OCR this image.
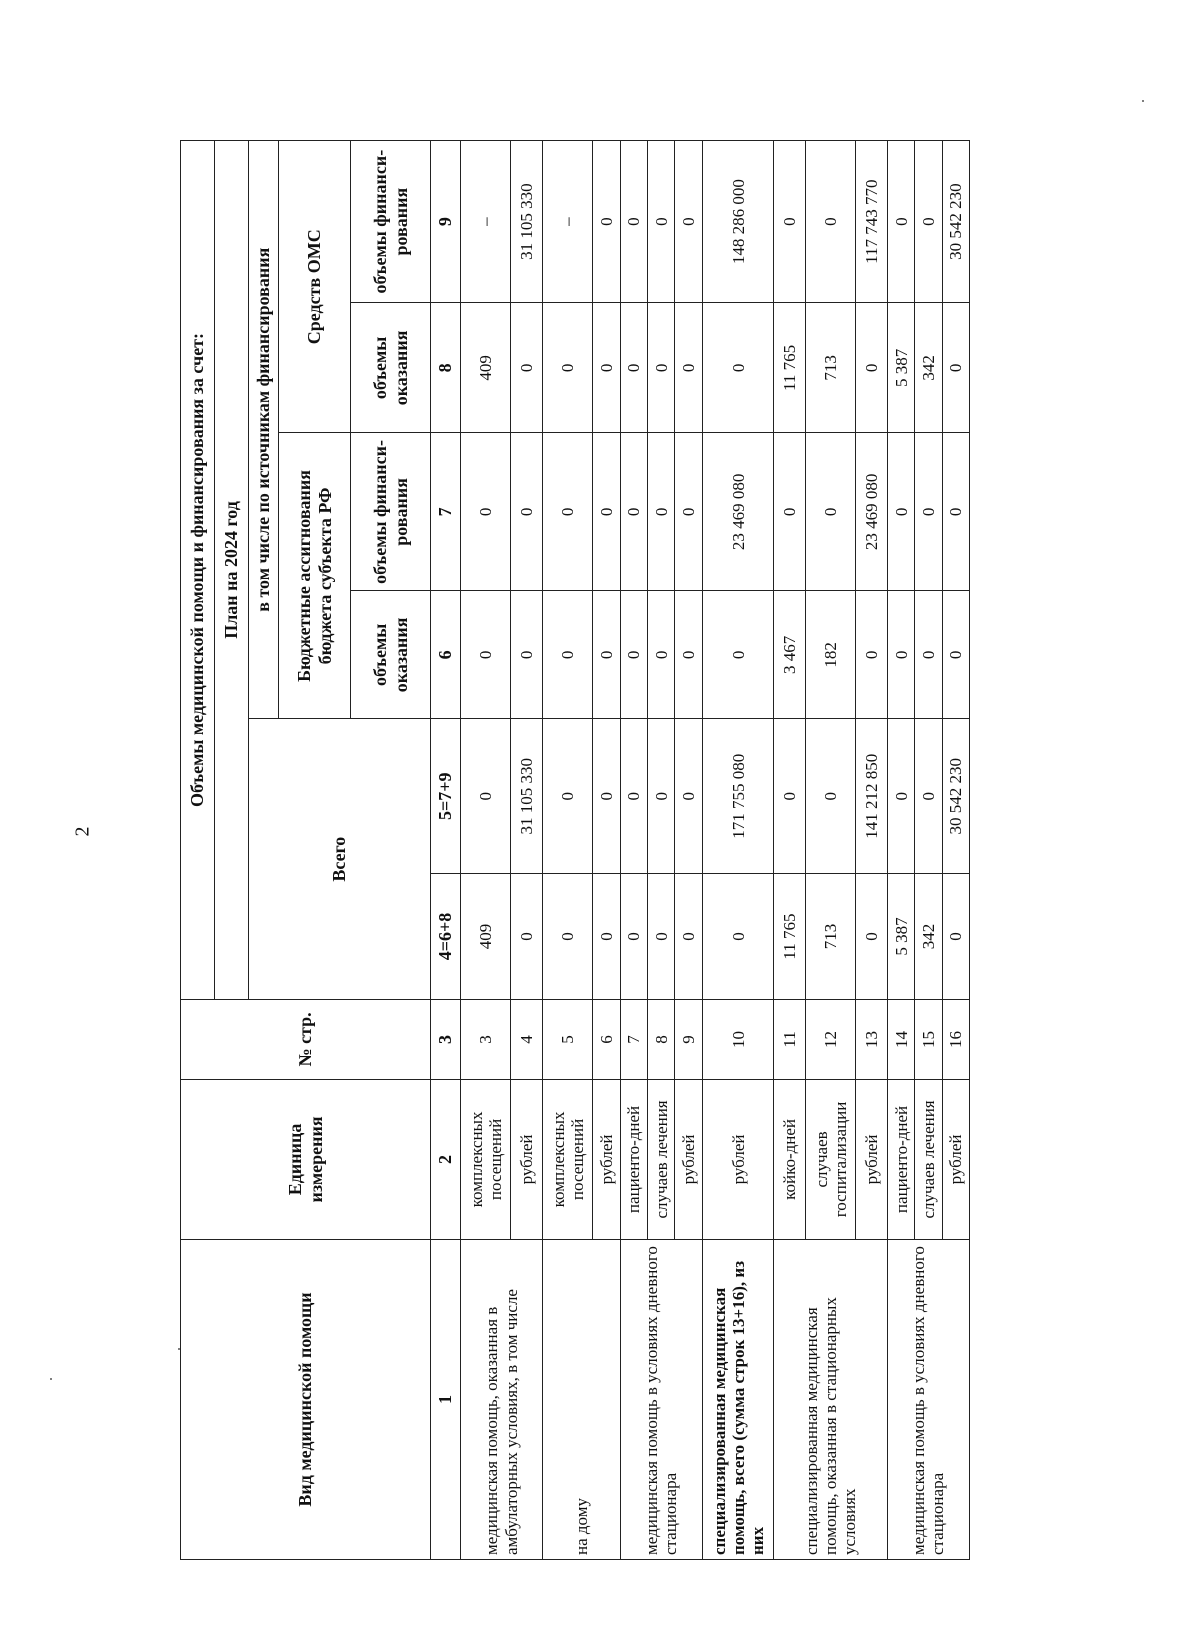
2
Вид медицинской помощи	Единица измерения	№ стр.	Объемы медицинской помощи и финансирования за счет:					
			План на 2024 год					
			Всего		в том числе по источникам финансирования			
					Бюджетные ассигнования бюджета субъекта РФ		Средств ОМС	
					объемы оказания	объемы финанси-рования	объемы оказания	объемы финанси-рования
1	2	3	4=6+8	5=7+9	6	7	8	9
медицинская помощь, оказанная в амбулаторных условиях, в том числе	комплексных посещений	3	409	0	0	0	409	–
	рублей	4	0	31 105 330	0	0	0	31 105 330
на дому	комплексных посещений	5	0	0	0	0	0	–
	рублей	6	0	0	0	0	0	0
медицинская помощь в условиях дневного стационара	пациенто-дней	7	0	0	0	0	0	0
	случаев лечения	8	0	0	0	0	0	0
	рублей	9	0	0	0	0	0	0
специализированная медицинская помощь, всего (сумма строк 13+16), из них	рублей	10	0	171 755 080	0	23 469 080	0	148 286 000
специализированная медицинская помощь, оказанная в стационарных условиях	койко-дней	11	11 765	0	3 467	0	11 765	0
	случаев госпитализации	12	713	0	182	0	713	0
	рублей	13	0	141 212 850	0	23 469 080	0	117 743 770
медицинская помощь в условиях дневного стационара	пациенто-дней	14	5 387	0	0	0	5 387	0
	случаев лечения	15	342	0	0	0	342	0
	рублей	16	0	30 542 230	0	0	0	30 542 230
